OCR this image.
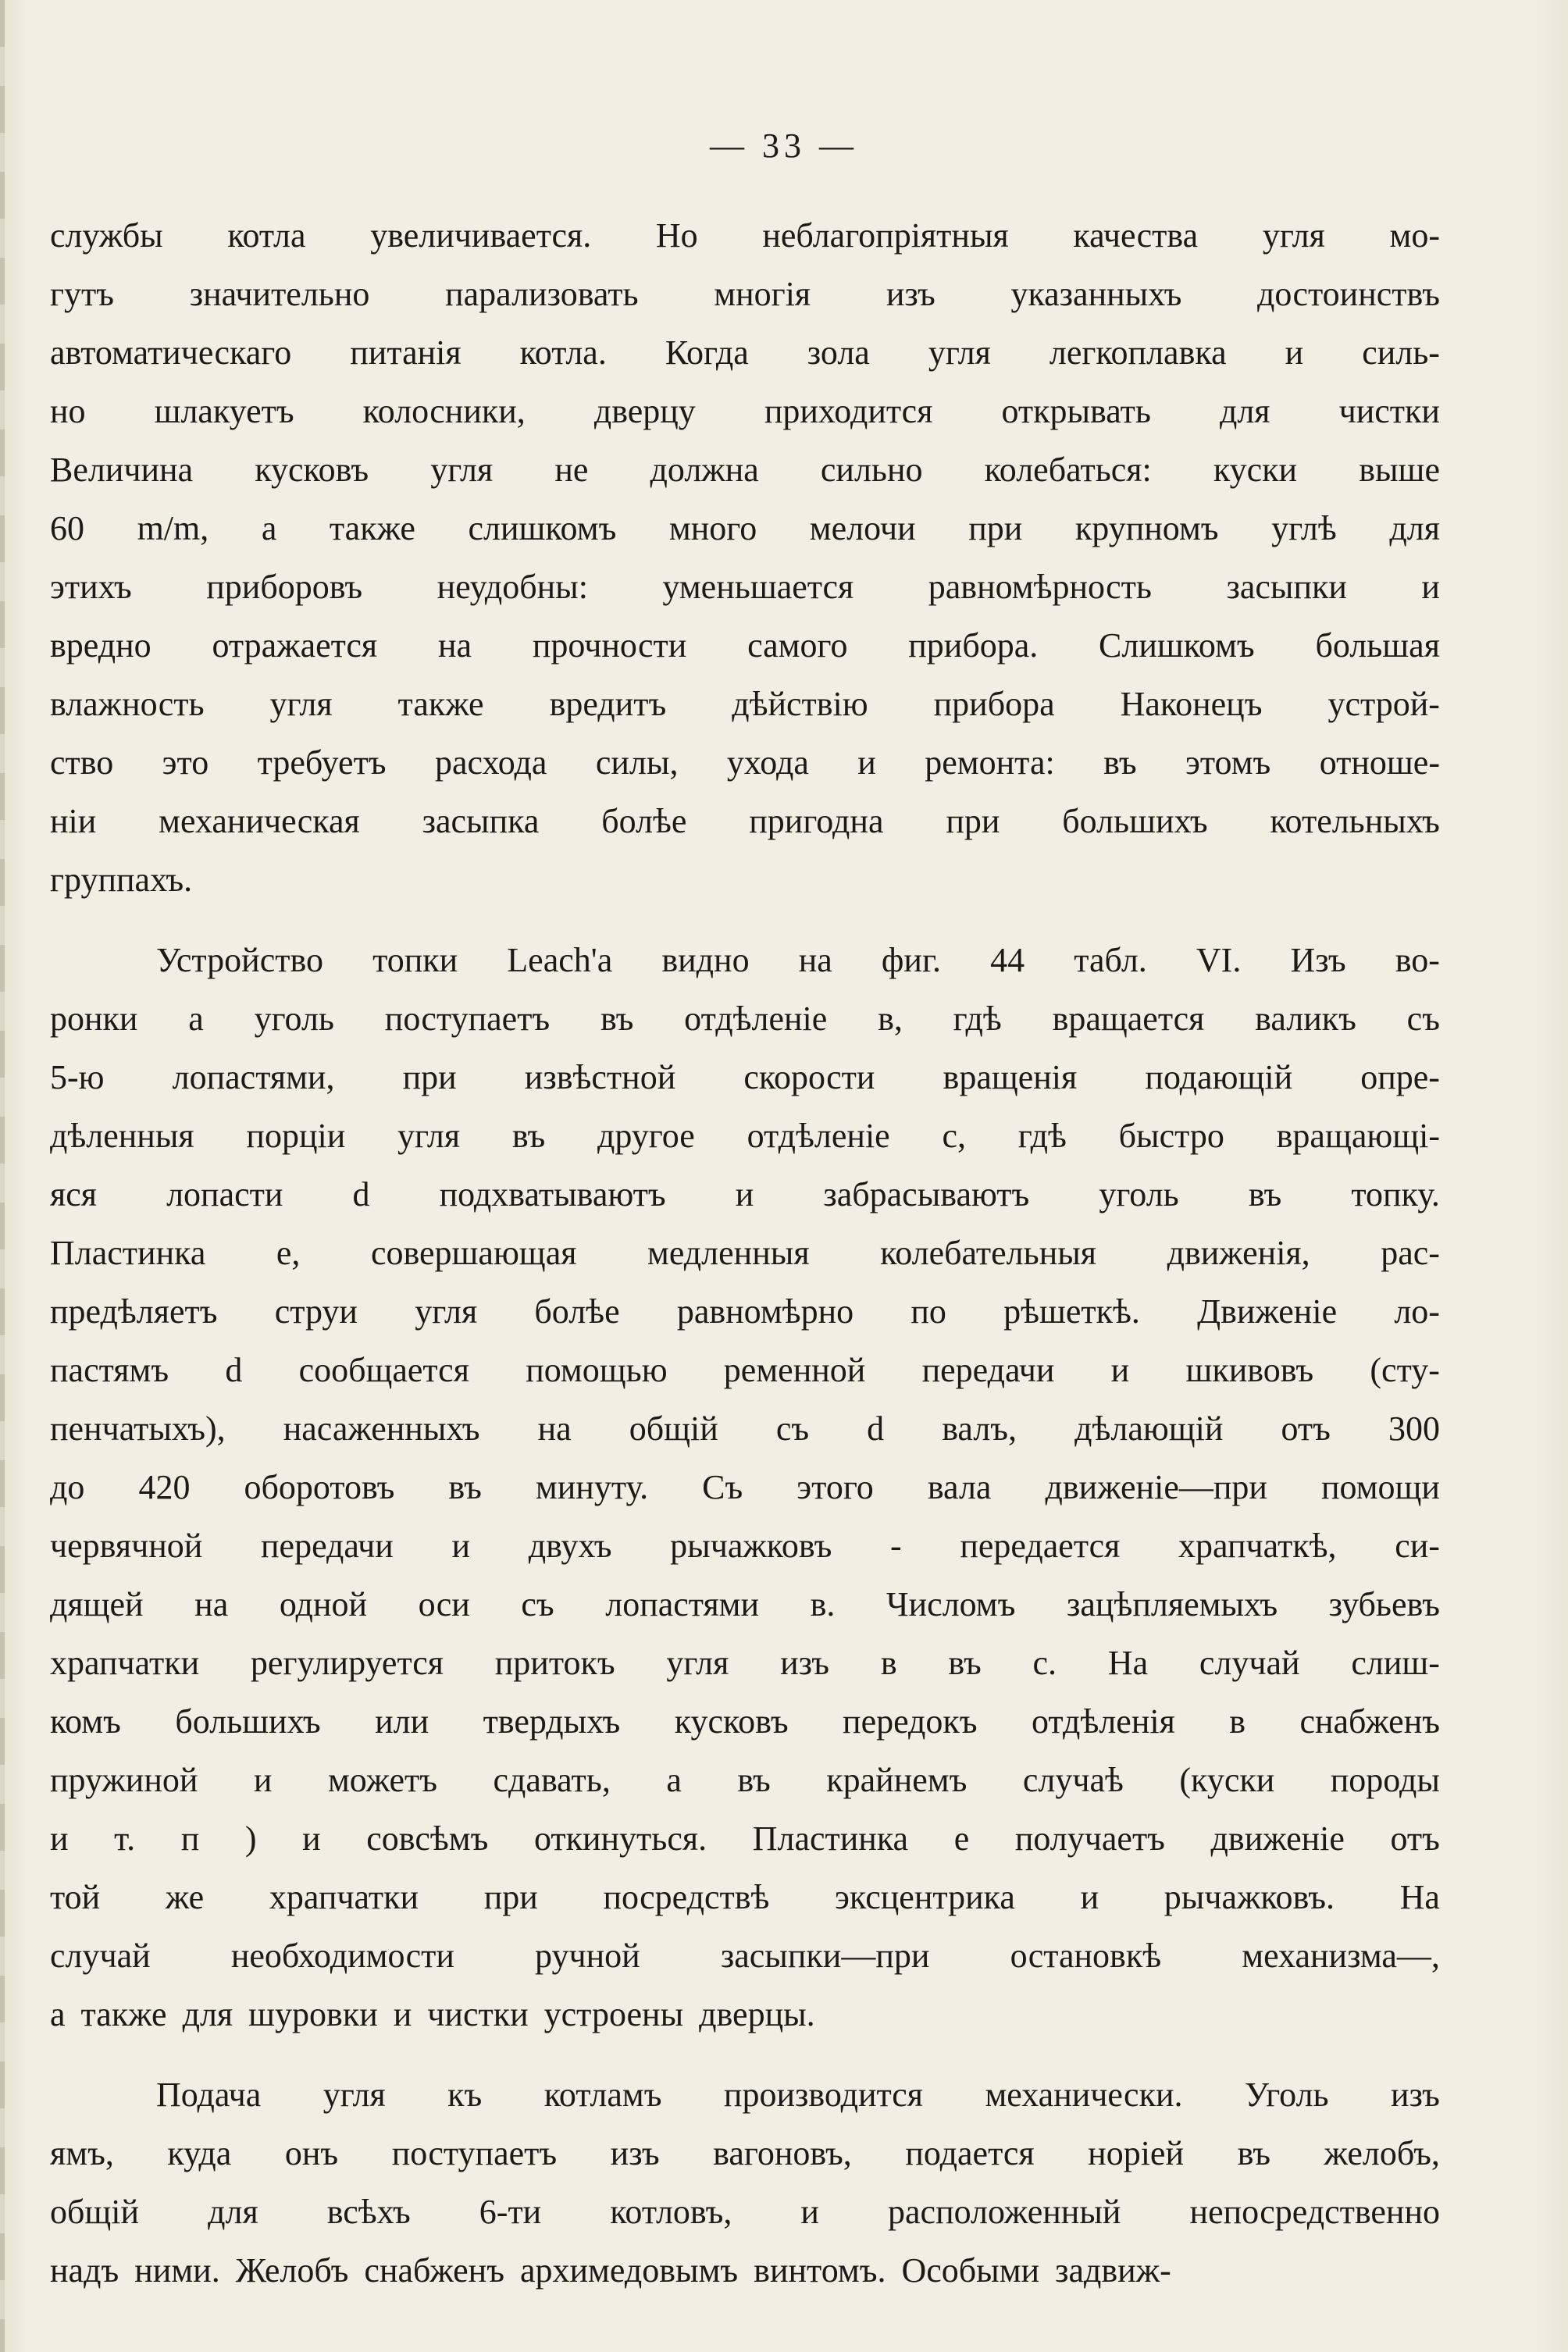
— 33 —
службы котла увеличивается. Но неблагопріятныя качества угля мо-
гутъ значительно парализовать многія изъ указанныхъ достоинствъ
автоматическаго питанія котла. Когда зола угля легкоплавка и силь-
но шлакуетъ колосники, дверцу приходится открывать для чистки
Величина кусковъ угля не должна сильно колебаться: куски выше
60 m/m, а также слишкомъ много мелочи при крупномъ углѣ для
этихъ приборовъ неудобны: уменьшается равномѣрность засыпки и
вредно отражается на прочности самого прибора. Слишкомъ большая
влажность угля также вредитъ дѣйствію прибора Наконецъ устрой-
ство это требуетъ расхода силы, ухода и ремонта: въ этомъ отноше-
ніи механическая засыпка болѣе пригодна при большихъ котельныхъ
группахъ.
Устройство топки Leach'a видно на фиг. 44 табл. VI. Изъ во-
ронки a уголь поступаетъ въ отдѣленіе в, гдѣ вращается валикъ съ
5-ю лопастями, при извѣстной скорости вращенія подающій опре-
дѣленныя порціи угля въ другое отдѣленіе c, гдѣ быстро вращающі-
яся лопасти d подхватываютъ и забрасываютъ уголь въ топку.
Пластинка e, совершающая медленныя колебательныя движенія, рас-
предѣляетъ струи угля болѣе равномѣрно по рѣшеткѣ. Движеніе ло-
пастямъ d сообщается помощью ременной передачи и шкивовъ (сту-
пенчатыхъ), насаженныхъ на общій съ d валъ, дѣлающій отъ 300
до 420 оборотовъ въ минуту. Съ этого вала движеніе—при помощи
червячной передачи и двухъ рычажковъ - передается храпчаткѣ, си-
дящей на одной оси съ лопастями в. Числомъ зацѣпляемыхъ зубьевъ
храпчатки регулируется притокъ угля изъ в въ c. На случай слиш-
комъ большихъ или твердыхъ кусковъ передокъ отдѣленія в снабженъ
пружиной и можетъ сдавать, а въ крайнемъ случаѣ (куски породы
и т. п ) и совсѣмъ откинуться. Пластинка e получаетъ движеніе отъ
той же храпчатки при посредствѣ эксцентрика и рычажковъ. На
случай необходимости ручной засыпки—при остановкѣ механизма—,
а также для шуровки и чистки устроены дверцы.
Подача угля къ котламъ производится механически. Уголь изъ
ямъ, куда онъ поступаетъ изъ вагоновъ, подается норіей въ желобъ,
общій для всѣхъ 6-ти котловъ, и расположенный непосредственно
надъ ними. Желобъ снабженъ архимедовымъ винтомъ. Особыми задвиж-
